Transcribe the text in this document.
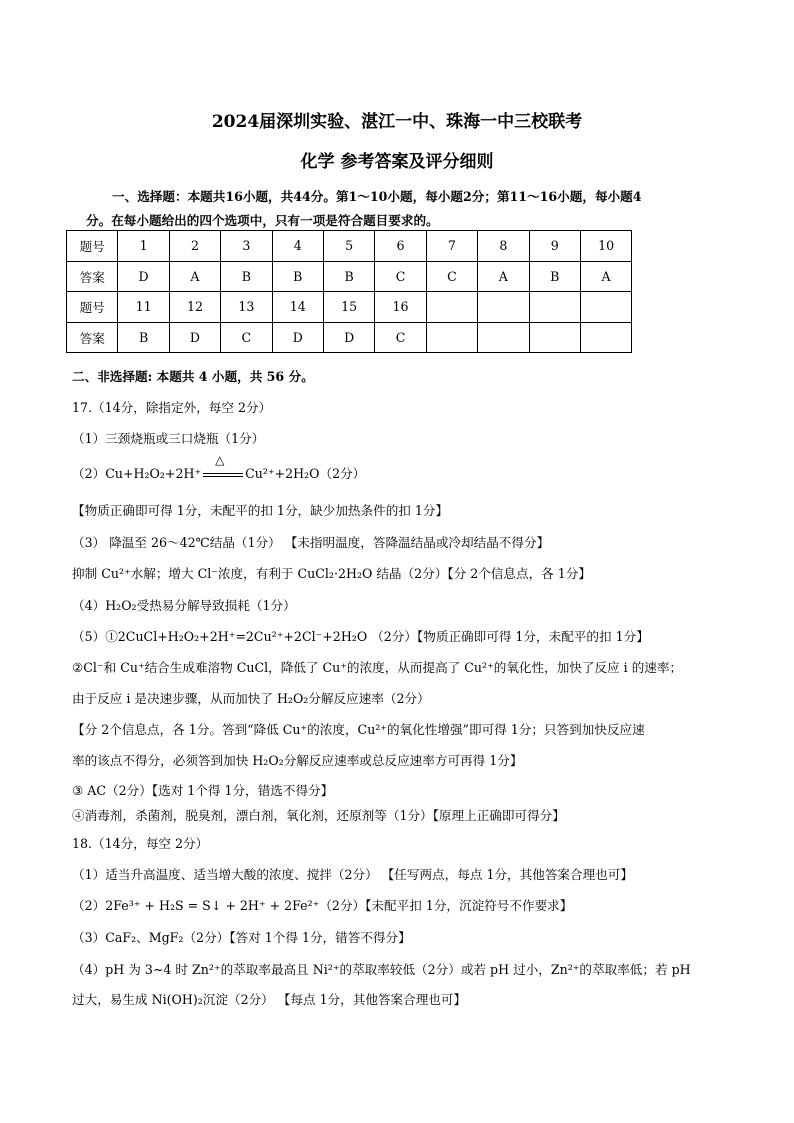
2024届深圳实验、湛江一中、珠海一中三校联考
化学 参考答案及评分细则
一、选择题：本题共16小题，共44分。第1～10小题，每小题2分；第11～16小题，每小题4
分。在每小题给出的四个选项中，只有一项是符合题目要求的。
题号	1	2	3	4	5	6	7	8	9	10
答案	D	A	B	B	B	C	C	A	B	A
题号	11	12	13	14	15	16				
答案	B	D	C	D	D	C				
二、非选择题: 本题共 4 小题，共 56 分。
17.（14分，除指定外，每空 2分）
（1）三颈烧瓶或三口烧瓶（1分）
（2）Cu+H₂O₂+2H⁺
△
Cu²⁺+2H₂O（2分）
【物质正确即可得 1分，未配平的扣 1分，缺少加热条件的扣 1分】
（3） 降温至 26～42℃结晶（1分） 【未指明温度，答降温结晶或冷却结晶不得分】
抑制 Cu²⁺水解；增大 Cl⁻浓度，有利于 CuCl₂·2H₂O 结晶（2分）【分 2个信息点，各 1分】
（4）H₂O₂受热易分解导致损耗（1分）
（5）①2CuCl+H₂O₂+2H⁺=2Cu²⁺+2Cl⁻+2H₂O （2分）【物质正确即可得 1分，未配平的扣 1分】
②Cl⁻和 Cu⁺结合生成难溶物 CuCl，降低了 Cu⁺的浓度，从而提高了 Cu²⁺的氧化性，加快了反应 i 的速率；
由于反应 i 是决速步骤，从而加快了 H₂O₂分解反应速率（2分）
【分 2个信息点，各 1分。答到“降低 Cu⁺的浓度，Cu²⁺的氧化性增强”即可得 1分；只答到加快反应速
率的该点不得分，必须答到加快 H₂O₂分解反应速率或总反应速率方可再得 1分】
③ AC（2分）【选对 1个得 1分，错选不得分】
④消毒剂，杀菌剂，脱臭剂，漂白剂，氧化剂，还原剂等（1分）【原理上正确即可得分】
18.（14分，每空 2分）
（1）适当升高温度、适当增大酸的浓度、搅拌（2分） 【任写两点，每点 1分，其他答案合理也可】
（2）2Fe³⁺ + H₂S = S↓ + 2H⁺ + 2Fe²⁺（2分）【未配平扣 1分，沉淀符号不作要求】
（3）CaF₂、MgF₂（2分）【答对 1个得 1分，错答不得分】
（4）pH 为 3~4 时 Zn²⁺的萃取率最高且 Ni²⁺的萃取率较低（2分）或若 pH 过小，Zn²⁺的萃取率低；若 pH
过大，易生成 Ni(OH)₂沉淀（2分） 【每点 1分，其他答案合理也可】
